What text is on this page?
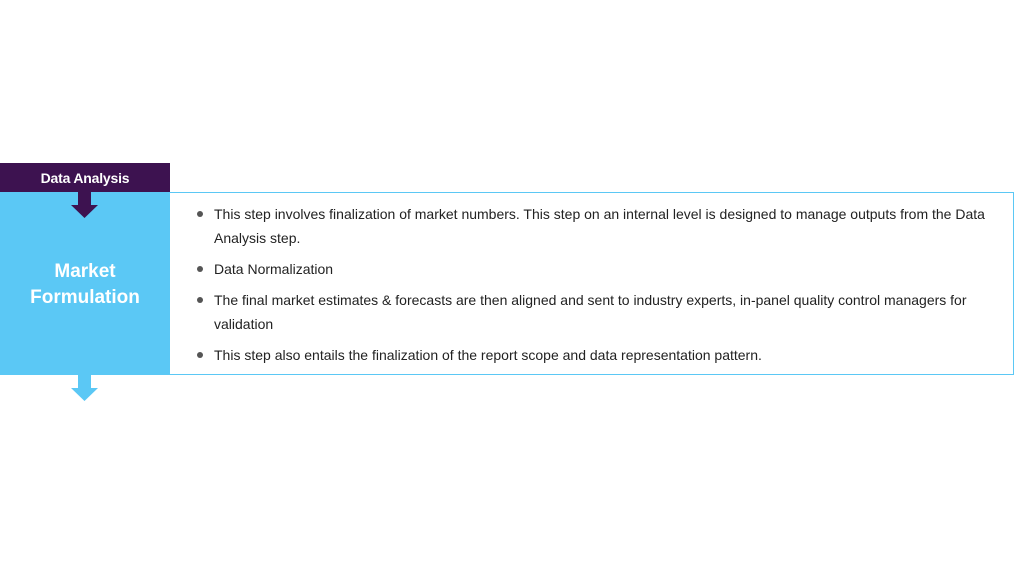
Data Analysis
Market
Formulation
This step involves finalization of market numbers. This step on an internal level is designed to manage outputs from the Data Analysis step.
Data Normalization
The final market estimates & forecasts are then aligned and sent to industry experts, in-panel quality control managers for validation
This step also entails the finalization of the report scope and data representation pattern.
